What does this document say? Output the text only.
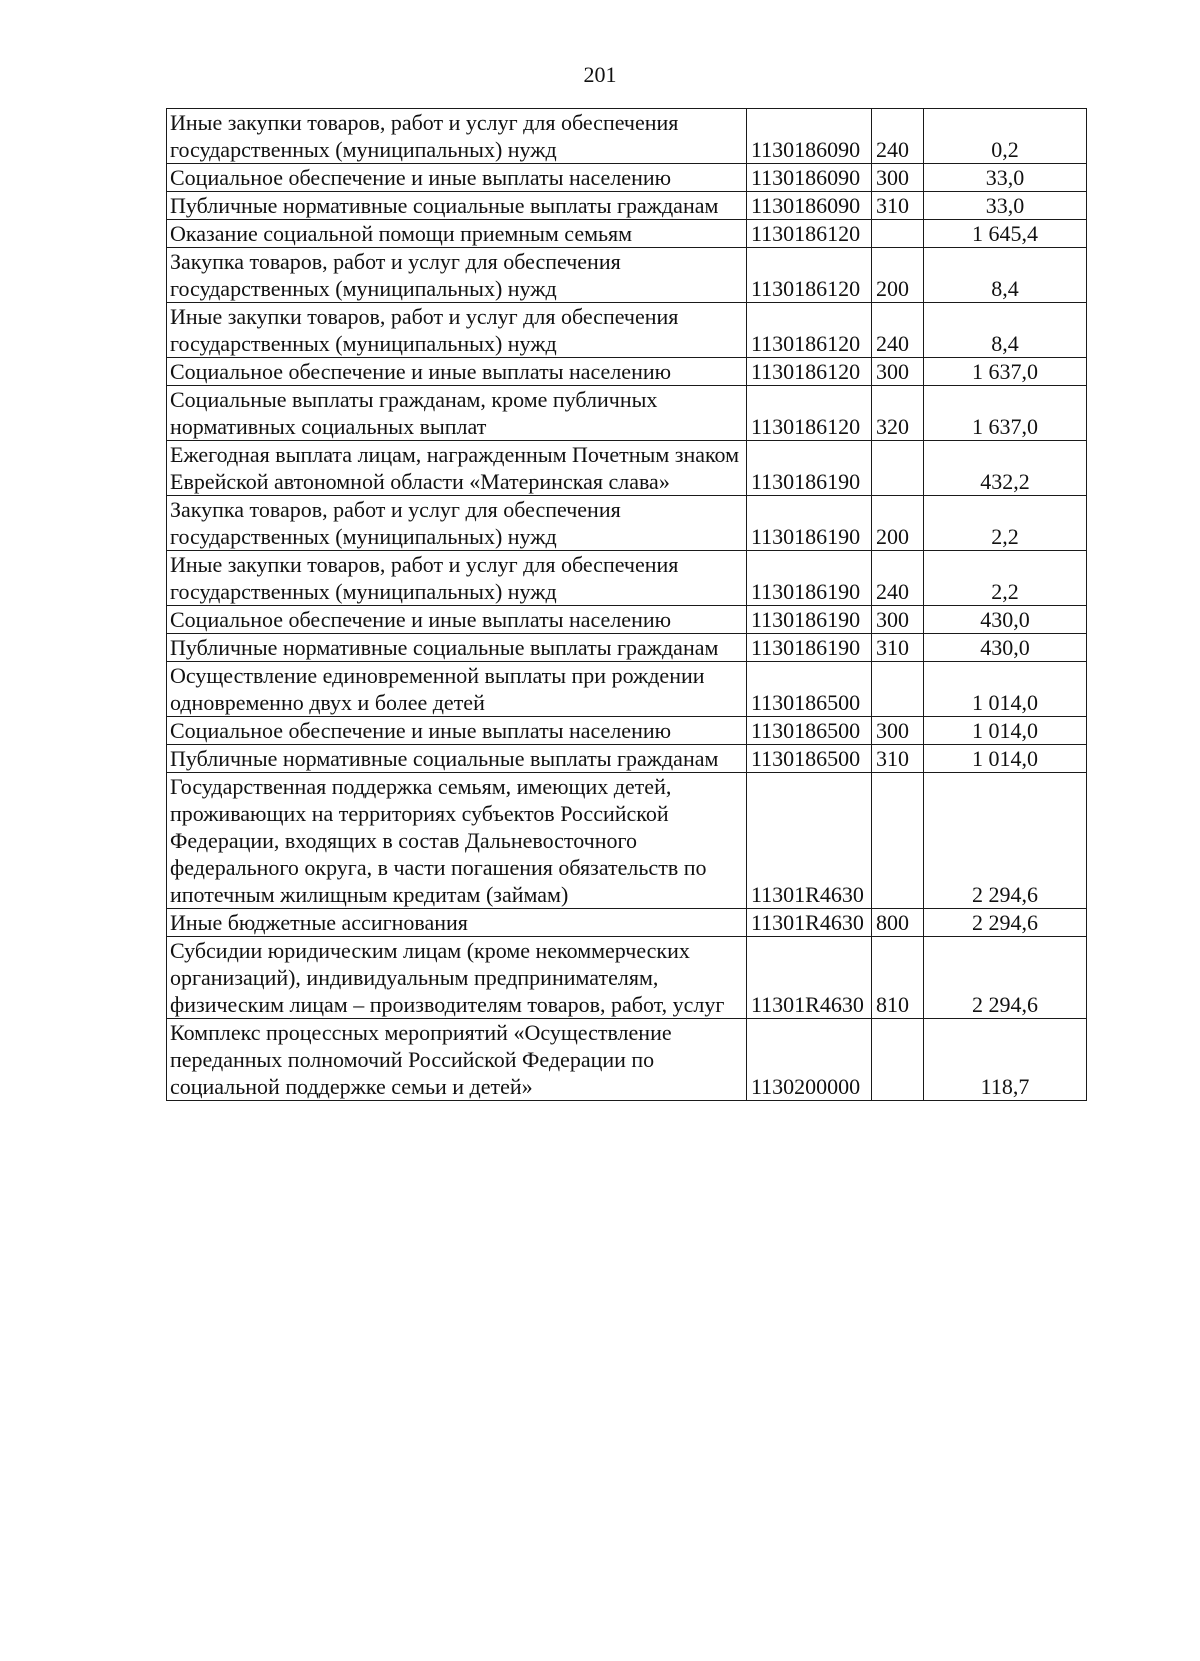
201
Иные закупки товаров, работ и услуг для обеспечения государственных (муниципальных) нужд	1130186090	240	0,2
Социальное обеспечение и иные выплаты населению	1130186090	300	33,0
Публичные нормативные социальные выплаты гражданам	1130186090	310	33,0
Оказание социальной помощи приемным семьям	1130186120		1 645,4
Закупка товаров, работ и услуг для обеспечения государственных (муниципальных) нужд	1130186120	200	8,4
Иные закупки товаров, работ и услуг для обеспечения государственных (муниципальных) нужд	1130186120	240	8,4
Социальное обеспечение и иные выплаты населению	1130186120	300	1 637,0
Социальные выплаты гражданам, кроме публичных нормативных социальных выплат	1130186120	320	1 637,0
Ежегодная выплата лицам, награжденным Почетным знаком Еврейской автономной области «Материнская слава»	1130186190		432,2
Закупка товаров, работ и услуг для обеспечения государственных (муниципальных) нужд	1130186190	200	2,2
Иные закупки товаров, работ и услуг для обеспечения государственных (муниципальных) нужд	1130186190	240	2,2
Социальное обеспечение и иные выплаты населению	1130186190	300	430,0
Публичные нормативные социальные выплаты гражданам	1130186190	310	430,0
Осуществление единовременной выплаты при рождении одновременно двух и более детей	1130186500		1 014,0
Социальное обеспечение и иные выплаты населению	1130186500	300	1 014,0
Публичные нормативные социальные выплаты гражданам	1130186500	310	1 014,0
Государственная поддержка семьям, имеющих детей, проживающих на территориях субъектов Российской Федерации, входящих в состав Дальневосточного федерального округа, в части погашения обязательств по ипотечным жилищным кредитам (займам)	11301R4630		2 294,6
Иные бюджетные ассигнования	11301R4630	800	2 294,6
Субсидии юридическим лицам (кроме некоммерческих организаций), индивидуальным предпринимателям, физическим лицам – производителям товаров, работ, услуг	11301R4630	810	2 294,6
Комплекс процессных мероприятий «Осуществление переданных полномочий Российской Федерации по социальной поддержке семьи и детей»	1130200000		118,7
